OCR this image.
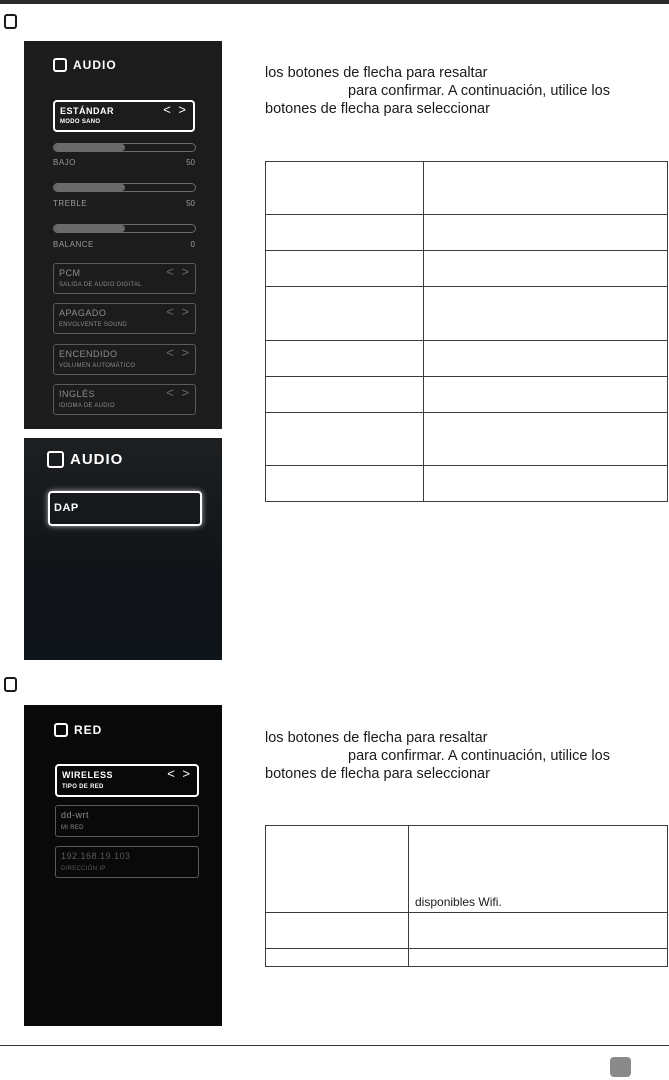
AUDIO
ESTÁNDAR
MODO SANO
< >
BAJO	50
TREBLE	50
BALANCE	0
PCM
SALIDA DE AUDIO DIGITAL
< >
APAGADO
ENVOLVENTE SOUND
< >
ENCENDIDO
VOLUMEN AUTOMÁTICO
< >
INGLÉS
IDIOMA DE AUDIO
< >
AUDIO
DAP
los botones de flecha para resaltar
para confirmar. A continuación, utilice los
botones de flecha para seleccionar

RED
WIRELESS
TIPO DE RED
< >
dd-wrt
MI RED
192.168.19.103
DIRECCIÓN IP
los botones de flecha para resaltar
para confirmar. A continuación, utilice los
botones de flecha para seleccionar
	disponibles Wifi.
